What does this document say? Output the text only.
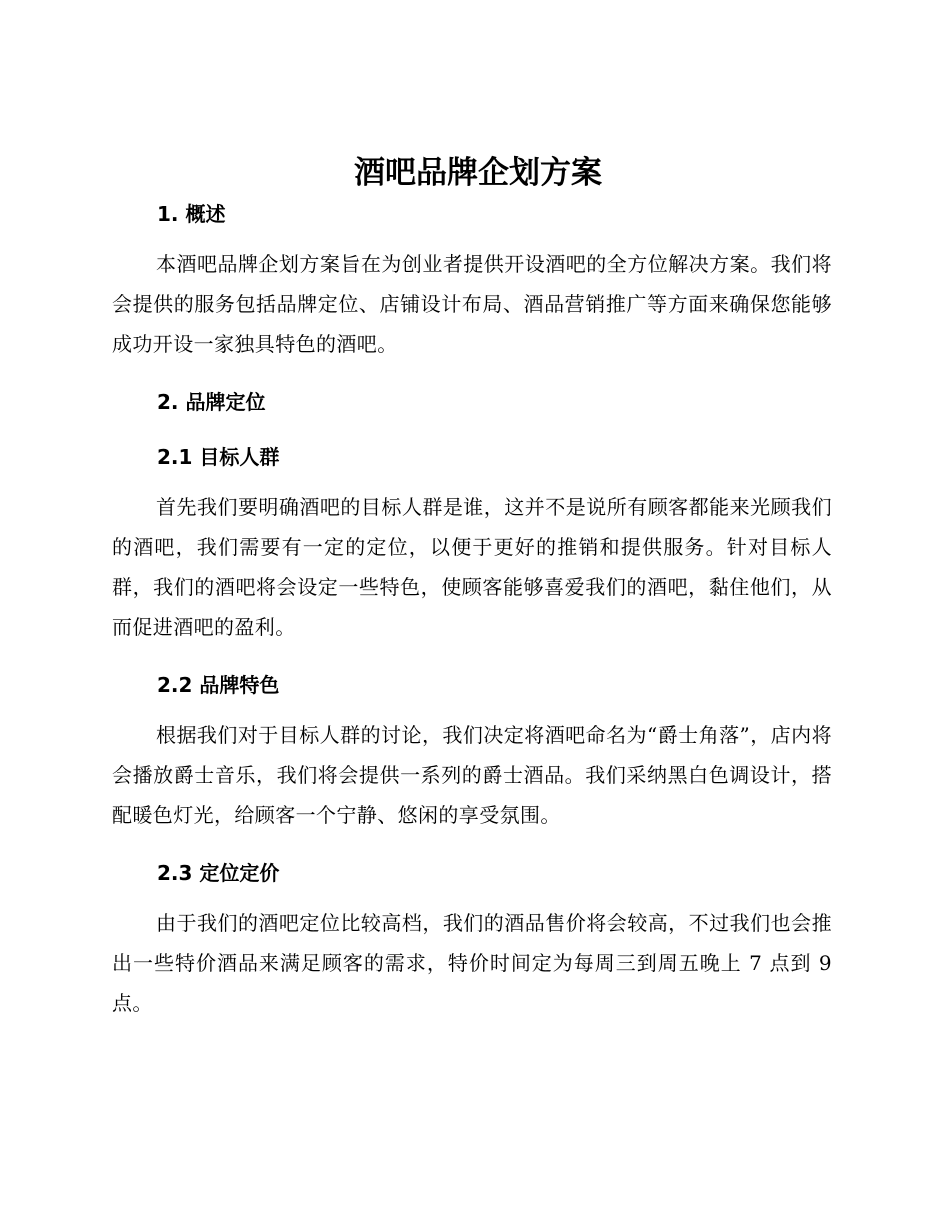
酒吧品牌企划方案
1. 概述

本酒吧品牌企划方案旨在为创业者提供开设酒吧的全方位解决方案。我们将会提供的服务包括品牌定位、店铺设计布局、酒品营销推广等方面来确保您能够成功开设一家独具特色的酒吧。

2. 品牌定位
2.1 目标人群

首先我们要明确酒吧的目标人群是谁，这并不是说所有顾客都能来光顾我们的酒吧，我们需要有一定的定位，以便于更好的推销和提供服务。针对目标人群，我们的酒吧将会设定一些特色，使顾客能够喜爱我们的酒吧，黏住他们，从而促进酒吧的盈利。

2.2 品牌特色

根据我们对于目标人群的讨论，我们决定将酒吧命名为“爵士角落”，店内将会播放爵士音乐，我们将会提供一系列的爵士酒品。我们采纳黑白色调设计，搭配暖色灯光，给顾客一个宁静、悠闲的享受氛围。

2.3 定位定价

由于我们的酒吧定位比较高档，我们的酒品售价将会较高，不过我们也会推出一些特价酒品来满足顾客的需求，特价时间定为每周三到周五晚上 7 点到 9 点。
